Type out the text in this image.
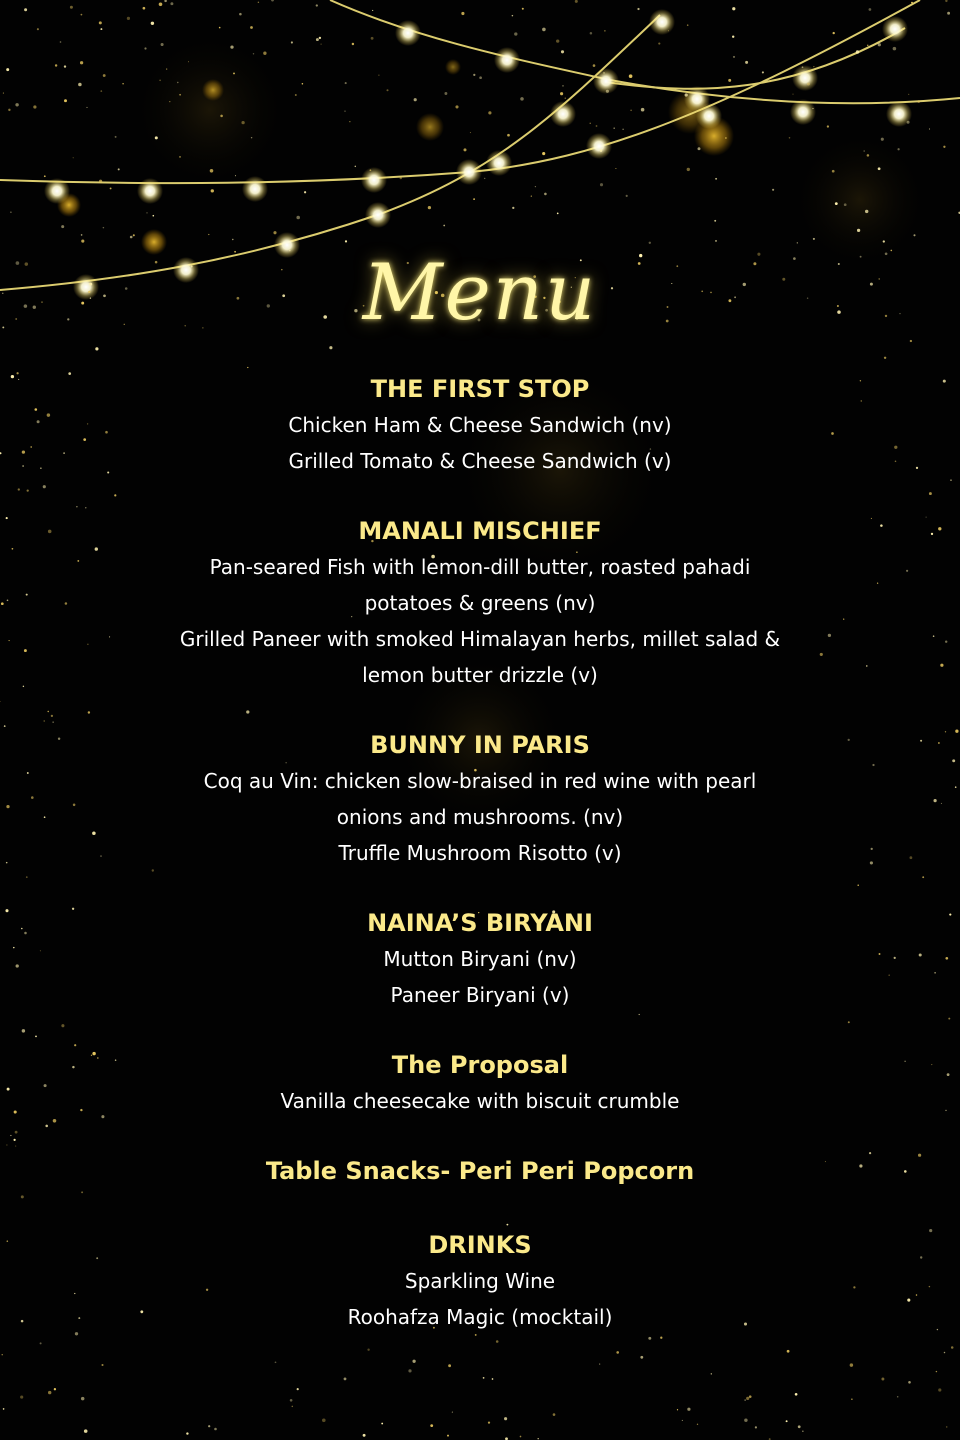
Menu
THE FIRST STOP
Chicken Ham & Cheese Sandwich (nv)
Grilled Tomato & Cheese Sandwich (v)
MANALI MISCHIEF
Pan-seared Fish with lemon-dill butter, roasted pahadi
potatoes & greens (nv)
Grilled Paneer with smoked Himalayan herbs, millet salad &
lemon butter drizzle (v)
BUNNY IN PARIS
Coq au Vin: chicken slow-braised in red wine with pearl
onions and mushrooms. (nv)
Truffle Mushroom Risotto (v)
NAINA’S BIRYANI
Mutton Biryani (nv)
Paneer Biryani (v)
The Proposal
Vanilla cheesecake with biscuit crumble
Table Snacks- Peri Peri Popcorn
DRINKS
Sparkling Wine
Roohafza Magic (mocktail)
